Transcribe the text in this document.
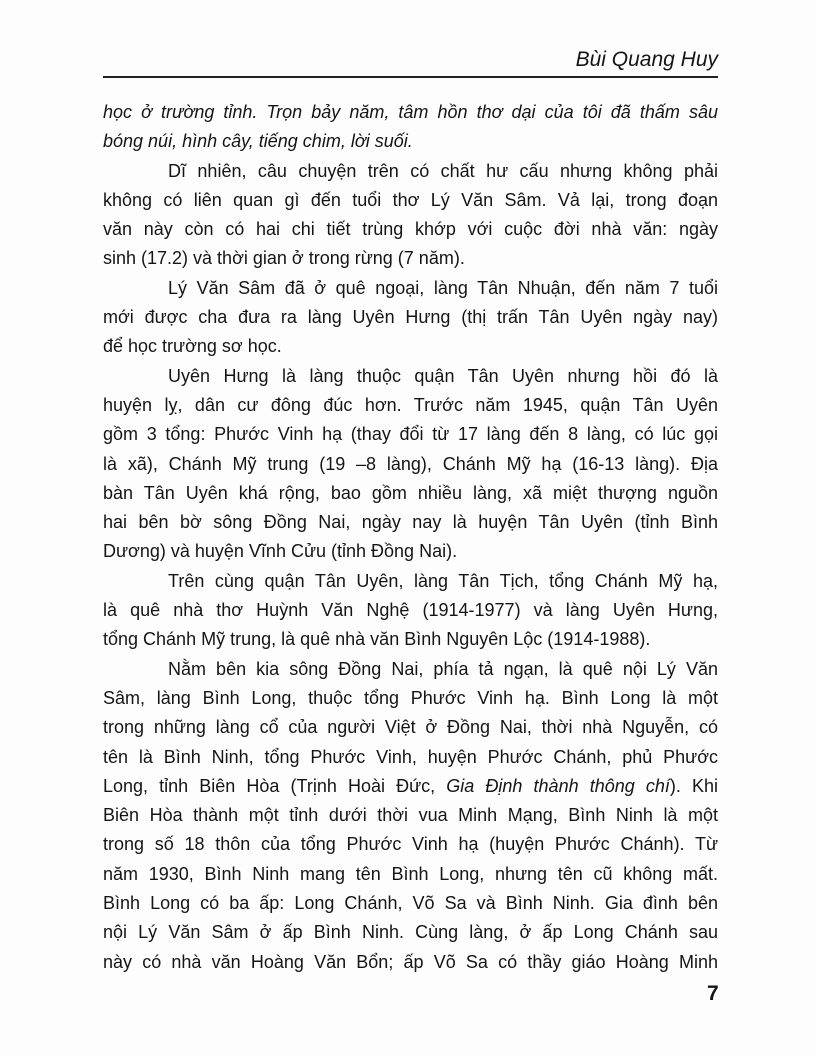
Bùi Quang Huy
học ở trường tỉnh. Trọn bảy năm, tâm hồn thơ dại của tôi đã thấm sâu
bóng núi, hình cây, tiếng chim, lời suối.
Dĩ nhiên, câu chuyện trên có chất hư cấu nhưng không phải
không có liên quan gì đến tuổi thơ Lý Văn Sâm. Vả lại, trong đoạn
văn này còn có hai chi tiết trùng khớp với cuộc đời nhà văn: ngày
sinh (17.2) và thời gian ở trong rừng (7 năm).
Lý Văn Sâm đã ở quê ngoại, làng Tân Nhuận, đến năm 7 tuổi
mới được cha đưa ra làng Uyên Hưng (thị trấn Tân Uyên ngày nay)
để học trường sơ học.
Uyên Hưng là làng thuộc quận Tân Uyên nhưng hồi đó là
huyện lỵ, dân cư đông đúc hơn. Trước năm 1945, quận Tân Uyên
gồm 3 tổng: Phước Vinh hạ (thay đổi từ 17 làng đến 8 làng, có lúc gọi
là xã), Chánh Mỹ trung (19 –8 làng), Chánh Mỹ hạ (16-13 làng). Địa
bàn Tân Uyên khá rộng, bao gồm nhiều làng, xã miệt thượng nguồn
hai bên bờ sông Đồng Nai, ngày nay là huyện Tân Uyên (tỉnh Bình
Dương) và huyện Vĩnh Cửu (tỉnh Đồng Nai).
Trên cùng quận Tân Uyên, làng Tân Tịch, tổng Chánh Mỹ hạ,
là quê nhà thơ Huỳnh Văn Nghệ (1914-1977) và làng Uyên Hưng,
tổng Chánh Mỹ trung, là quê nhà văn Bình Nguyên Lộc (1914-1988).
Nằm bên kia sông Đồng Nai, phía tả ngạn, là quê nội Lý Văn
Sâm, làng Bình Long, thuộc tổng Phước Vinh hạ. Bình Long là một
trong những làng cổ của người Việt ở Đồng Nai, thời nhà Nguyễn, có
tên là Bình Ninh, tổng Phước Vinh, huyện Phước Chánh, phủ Phước
Long, tỉnh Biên Hòa (Trịnh Hoài Đức, Gia Định thành thông chí). Khi
Biên Hòa thành một tỉnh dưới thời vua Minh Mạng, Bình Ninh là một
trong số 18 thôn của tổng Phước Vinh hạ (huyện Phước Chánh). Từ
năm 1930, Bình Ninh mang tên Bình Long, nhưng tên cũ không mất.
Bình Long có ba ấp: Long Chánh, Võ Sa và Bình Ninh. Gia đình bên
nội Lý Văn Sâm ở ấp Bình Ninh. Cùng làng, ở ấp Long Chánh sau
này có nhà văn Hoàng Văn Bổn; ấp Võ Sa có thầy giáo Hoàng Minh
7
